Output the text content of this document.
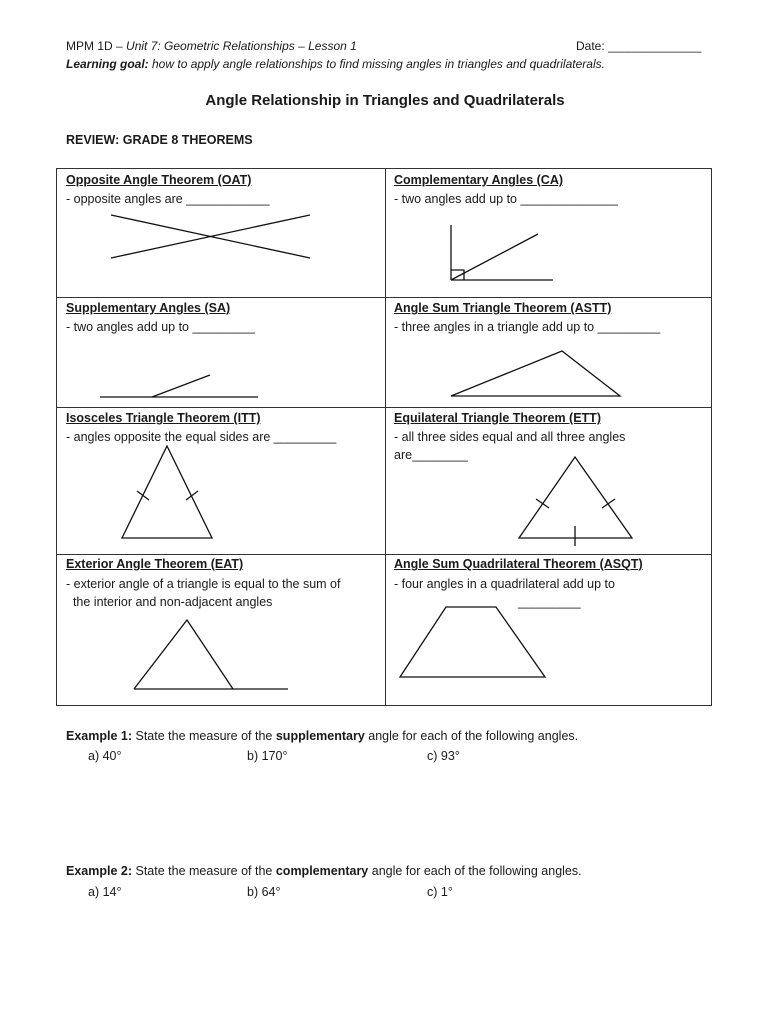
MPM 1D – Unit 7: Geometric Relationships – Lesson 1	Date: ______________
Learning goal: how to apply angle relationships to find missing angles in triangles and quadrilaterals.
Angle Relationship in Triangles and Quadrilaterals
REVIEW: GRADE 8 THEOREMS
Opposite Angle Theorem (OAT)
- opposite angles are ____________
Complementary Angles (CA)
- two angles add up to ______________
Supplementary Angles (SA)
- two angles add up to _________
Angle Sum Triangle Theorem (ASTT)
- three angles in a triangle add up to _________
Isosceles Triangle Theorem (ITT)
- angles opposite the equal sides are _________
Equilateral Triangle Theorem (ETT)
- all three sides equal and all three angles
are________
Exterior Angle Theorem (EAT)
- exterior angle of a triangle is equal to the sum of
the interior and non-adjacent angles
Angle Sum Quadrilateral Theorem (ASQT)
- four angles in a quadrilateral add up to
_________
Example 1: State the measure of the supplementary angle for each of the following angles.
a) 40°	b) 170°	c) 93°
Example 2: State the measure of the complementary angle for each of the following angles.
a) 14°	b) 64°	c) 1°
